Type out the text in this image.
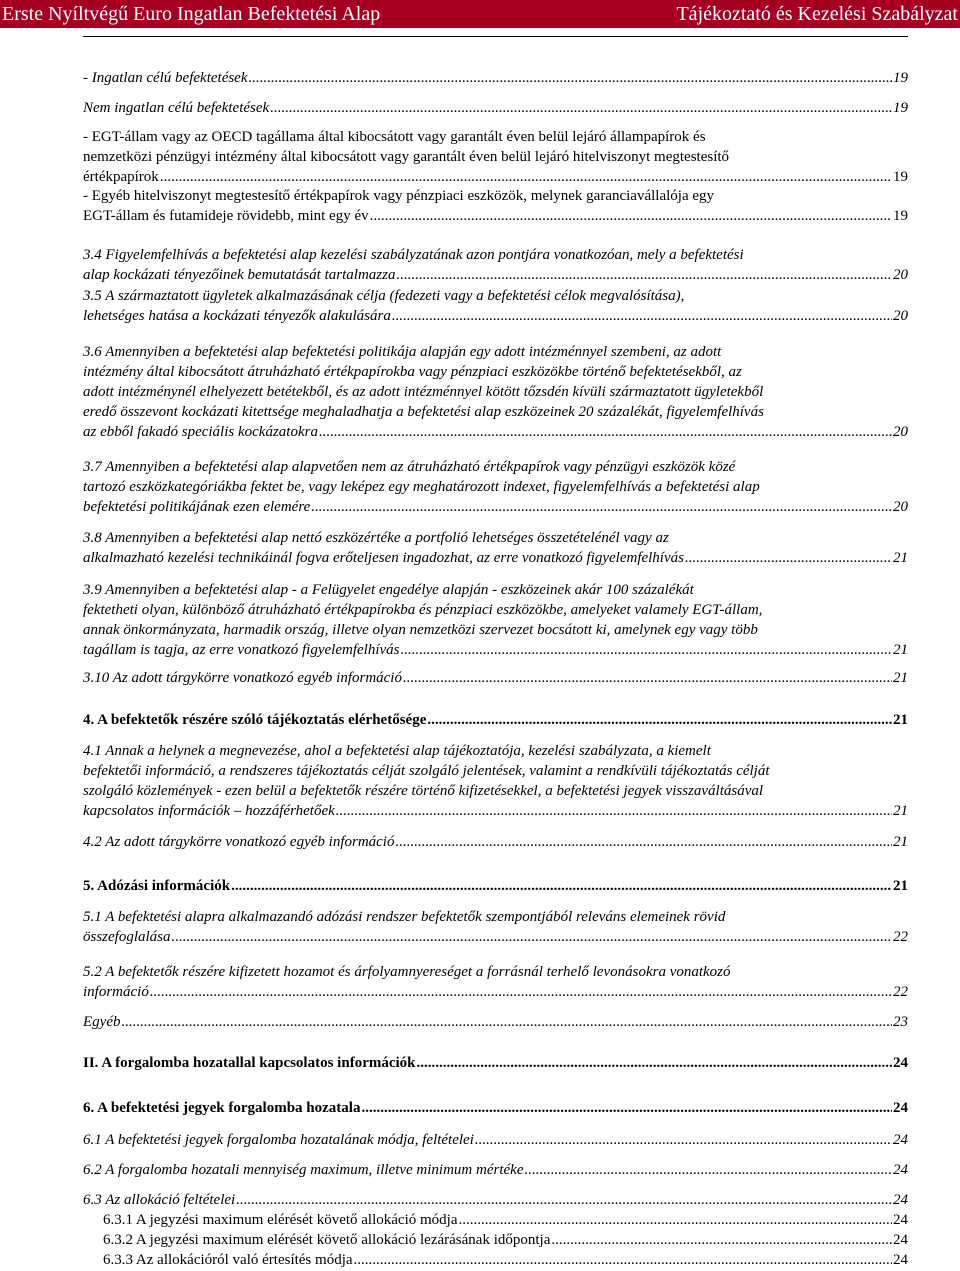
Erste Nyíltvégű Euro Ingatlan Befektetési Alap	Tájékoztató és Kezelési Szabályzat
- Ingatlan célú befektetések .....	19
Nem ingatlan célú befektetések .....	19
- EGT-állam vagy az OECD tagállama által kibocsátott vagy garantált éven belül lejáró állampapírok és
nemzetközi pénzügyi intézmény által kibocsátott vagy garantált éven belül lejáró hitelviszonyt megtestesítő
értékpapírok .....	19
- Egyéb hitelviszonyt megtestesítő értékpapírok vagy pénzpiaci eszközök, melynek garanciavállalója egy
EGT-állam és futamideje rövidebb, mint egy év .....	19
3.4 Figyelemfelhívás a befektetési alap kezelési szabályzatának azon pontjára vonatkozóan, mely a befektetési
alap kockázati tényezőinek bemutatását tartalmazza .....	20
3.5 A származtatott ügyletek alkalmazásának célja (fedezeti vagy a befektetési célok megvalósítása),
lehetséges hatása a kockázati tényezők alakulására .....	20
3.6 Amennyiben a befektetési alap befektetési politikája alapján egy adott intézménnyel szembeni, az adott
intézmény által kibocsátott átruházható értékpapírokba vagy pénzpiaci eszközökbe történő befektetésekből, az
adott intézménynél elhelyezett betétekből, és az adott intézménnyel kötött tőzsdén kívüli származtatott ügyletekből
eredő összevont kockázati kitettsége meghaladhatja a befektetési alap eszközeinek 20 százalékát, figyelemfelhívás
az ebből fakadó speciális kockázatokra .....	20
3.7 Amennyiben a befektetési alap alapvetően nem az átruházható értékpapírok vagy pénzügyi eszközök közé
tartozó eszközkategóriákba fektet be, vagy leképez egy meghatározott indexet, figyelemfelhívás a befektetési alap
befektetési politikájának ezen elemére .....	20
3.8 Amennyiben a befektetési alap nettó eszközértéke a portfolió lehetséges összetételénél vagy az
alkalmazható kezelési technikáinál fogva erőteljesen ingadozhat, az erre vonatkozó figyelemfelhívás .....	21
3.9 Amennyiben a befektetési alap - a Felügyelet engedélye alapján - eszközeinek akár 100 százalékát
fektetheti olyan, különböző átruházható értékpapírokba és pénzpiaci eszközökbe, amelyeket valamely EGT-állam,
annak önkormányzata, harmadik ország, illetve olyan nemzetközi szervezet bocsátott ki, amelynek egy vagy több
tagállam is tagja, az erre vonatkozó figyelemfelhívás .....	21
3.10 Az adott tárgykörre vonatkozó egyéb információ .....	21
4. A befektetők részére szóló tájékoztatás elérhetősége .....	21
4.1 Annak a helynek a megnevezése, ahol a befektetési alap tájékoztatója, kezelési szabályzata, a kiemelt
befektetői információ, a rendszeres tájékoztatás célját szolgáló jelentések, valamint a rendkívüli tájékoztatás célját
szolgáló közlemények - ezen belül a befektetők részére történő kifizetésekkel, a befektetési jegyek visszaváltásával
kapcsolatos információk – hozzáférhetőek .....	21
4.2 Az adott tárgykörre vonatkozó egyéb információ .....	21
5. Adózási információk .....	21
5.1 A befektetési alapra alkalmazandó adózási rendszer befektetők szempontjából releváns elemeinek rövid
összefoglalása .....	22
5.2 A befektetők részére kifizetett hozamot és árfolyamnyereséget a forrásnál terhelő levonásokra vonatkozó
információ .....	22
Egyéb .....	23
II. A forgalomba hozatallal kapcsolatos információk .....	24
6. A befektetési jegyek forgalomba hozatala .....	24
6.1 A befektetési jegyek forgalomba hozatalának módja, feltételei .....	24
6.2 A forgalomba hozatali mennyiség maximum, illetve minimum mértéke .....	24
6.3 Az allokáció feltételei .....	24
6.3.1 A jegyzési maximum elérését követő allokáció módja .....	24
6.3.2 A jegyzési maximum elérését követő allokáció lezárásának időpontja .....	24
6.3.3 Az allokációról való értesítés módja .....	24
